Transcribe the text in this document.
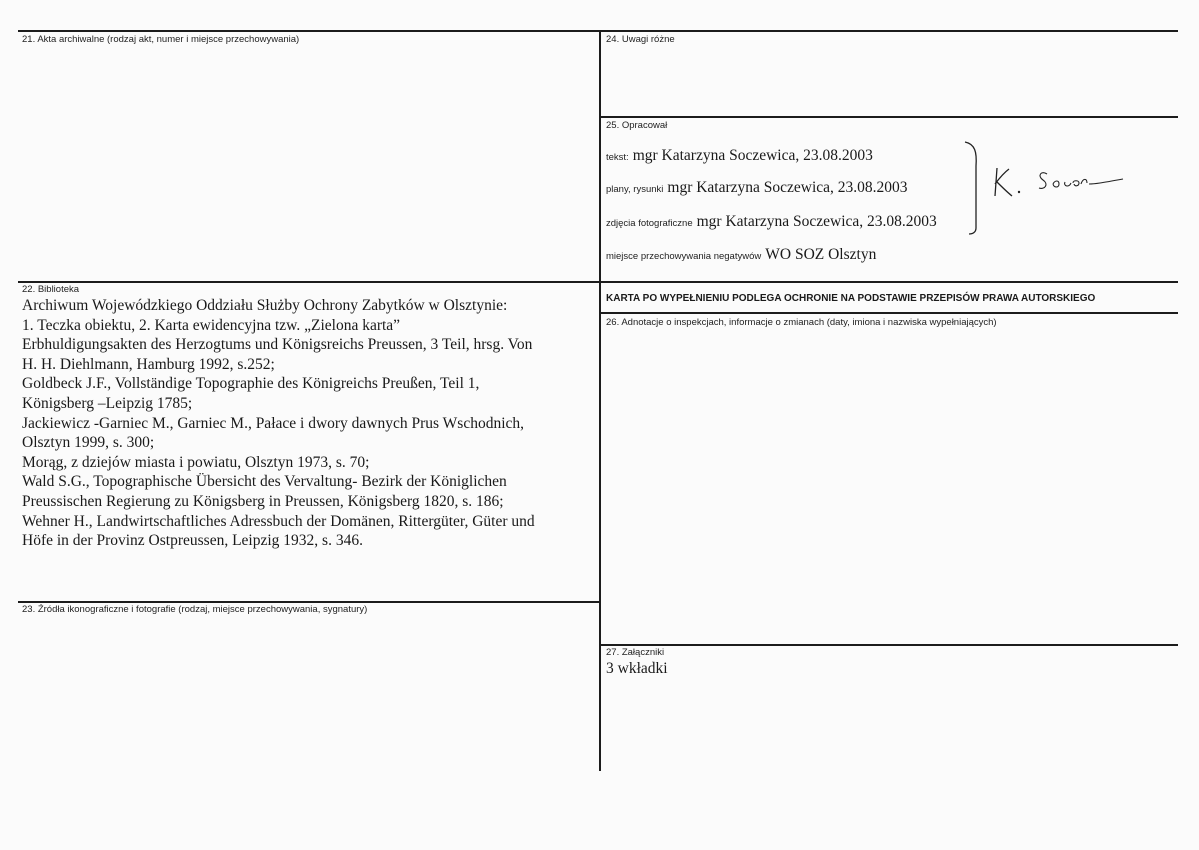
21. Akta archiwalne (rodzaj akt, numer i miejsce przechowywania)
22. Biblioteka
Archiwum Wojewódzkiego Oddziału Służby Ochrony Zabytków w Olsztynie:
1. Teczka obiektu, 2. Karta ewidencyjna tzw. „Zielona karta”
Erbhuldigungsakten des Herzogtums und Königsreichs Preussen, 3 Teil, hrsg. Von
H. H. Diehlmann, Hamburg 1992, s.252;
Goldbeck J.F., Vollständige Topographie des Königreichs Preußen, Teil 1,
Königsberg –Leipzig 1785;
Jackiewicz -Garniec M., Garniec M., Pałace i dwory dawnych Prus Wschodnich,
Olsztyn 1999, s. 300;
Morąg, z dziejów miasta i powiatu, Olsztyn 1973, s. 70;
Wald S.G., Topographische Übersicht des Vervaltung- Bezirk der Königlichen
Preussischen Regierung zu Königsberg in Preussen, Königsberg 1820, s. 186;
Wehner H., Landwirtschaftliches Adressbuch der Domänen, Rittergüter, Güter und
Höfe in der Provinz Ostpreussen, Leipzig 1932, s. 346.
23. Źródła ikonograficzne i fotografie (rodzaj, miejsce przechowywania, sygnatury)
24. Uwagi różne
25. Opracował
tekst: mgr Katarzyna Soczewica, 23.08.2003
plany, rysunki mgr Katarzyna Soczewica, 23.08.2003
zdjęcia fotograficzne mgr Katarzyna Soczewica, 23.08.2003
miejsce przechowywania negatywów WO SOZ Olsztyn
KARTA PO WYPEŁNIENIU PODLEGA OCHRONIE NA PODSTAWIE PRZEPISÓW PRAWA AUTORSKIEGO
26. Adnotacje o inspekcjach, informacje o zmianach (daty, imiona i nazwiska wypełniających)
27. Załączniki
3 wkładki
